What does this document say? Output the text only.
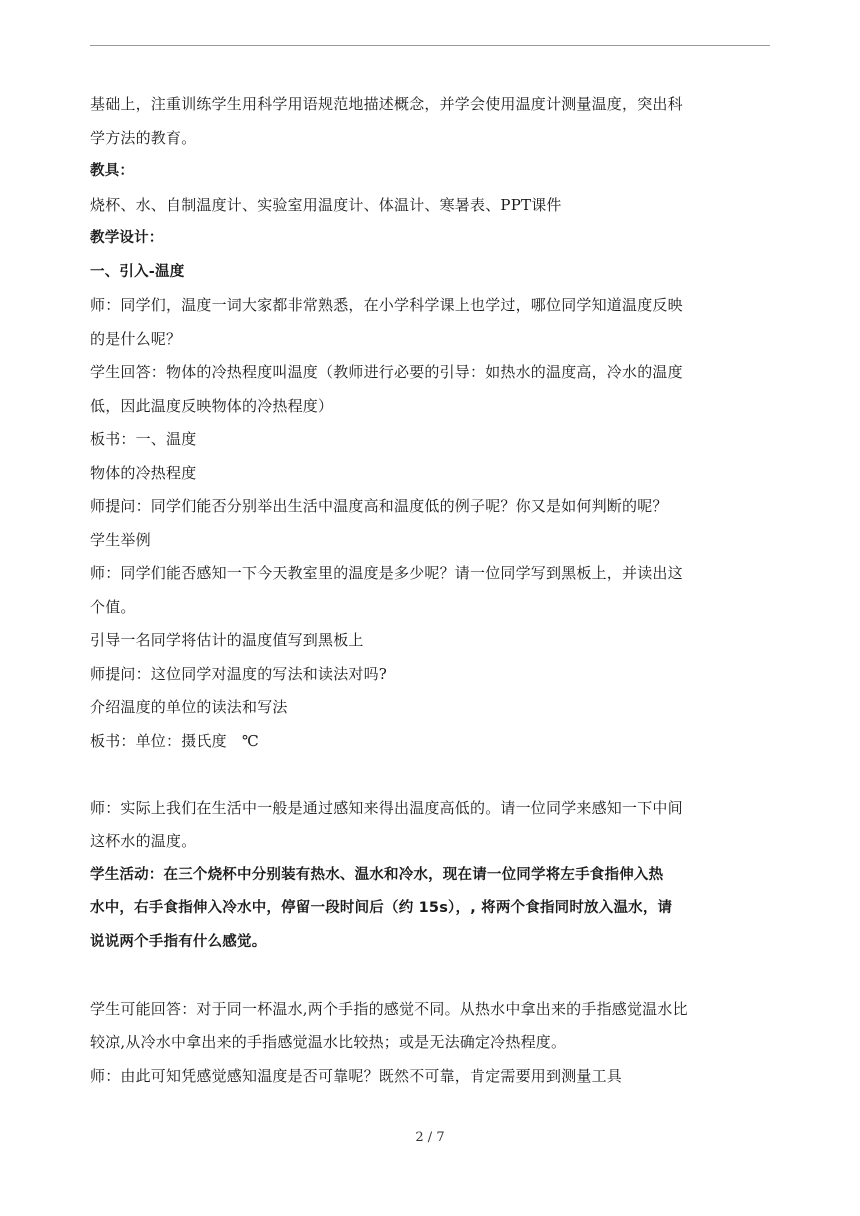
基础上，注重训练学生用科学用语规范地描述概念，并学会使用温度计测量温度，突出科
学方法的教育。
教具：
烧杯、水、自制温度计、实验室用温度计、体温计、寒暑表、PPT课件
教学设计：
一、引入-温度
师：同学们，温度一词大家都非常熟悉，在小学科学课上也学过，哪位同学知道温度反映
的是什么呢？
学生回答：物体的冷热程度叫温度（教师进行必要的引导：如热水的温度高，冷水的温度
低，因此温度反映物体的冷热程度）
板书：一、温度
物体的冷热程度
师提问：同学们能否分别举出生活中温度高和温度低的例子呢？你又是如何判断的呢？
学生举例
师：同学们能否感知一下今天教室里的温度是多少呢？请一位同学写到黑板上，并读出这
个值。
引导一名同学将估计的温度值写到黑板上
师提问：这位同学对温度的写法和读法对吗?
介绍温度的单位的读法和写法
板书：单位：摄氏度　℃
师：实际上我们在生活中一般是通过感知来得出温度高低的。请一位同学来感知一下中间
这杯水的温度。
学生活动：在三个烧杯中分别装有热水、温水和冷水，现在请一位同学将左手食指伸入热
水中，右手食指伸入冷水中，停留一段时间后（约 15s），, 将两个食指同时放入温水，请
说说两个手指有什么感觉。
学生可能回答：对于同一杯温水,两个手指的感觉不同。从热水中拿出来的手指感觉温水比
较凉,从冷水中拿出来的手指感觉温水比较热；或是无法确定冷热程度。
师：由此可知凭感觉感知温度是否可靠呢？既然不可靠，肯定需要用到测量工具
2 / 7
